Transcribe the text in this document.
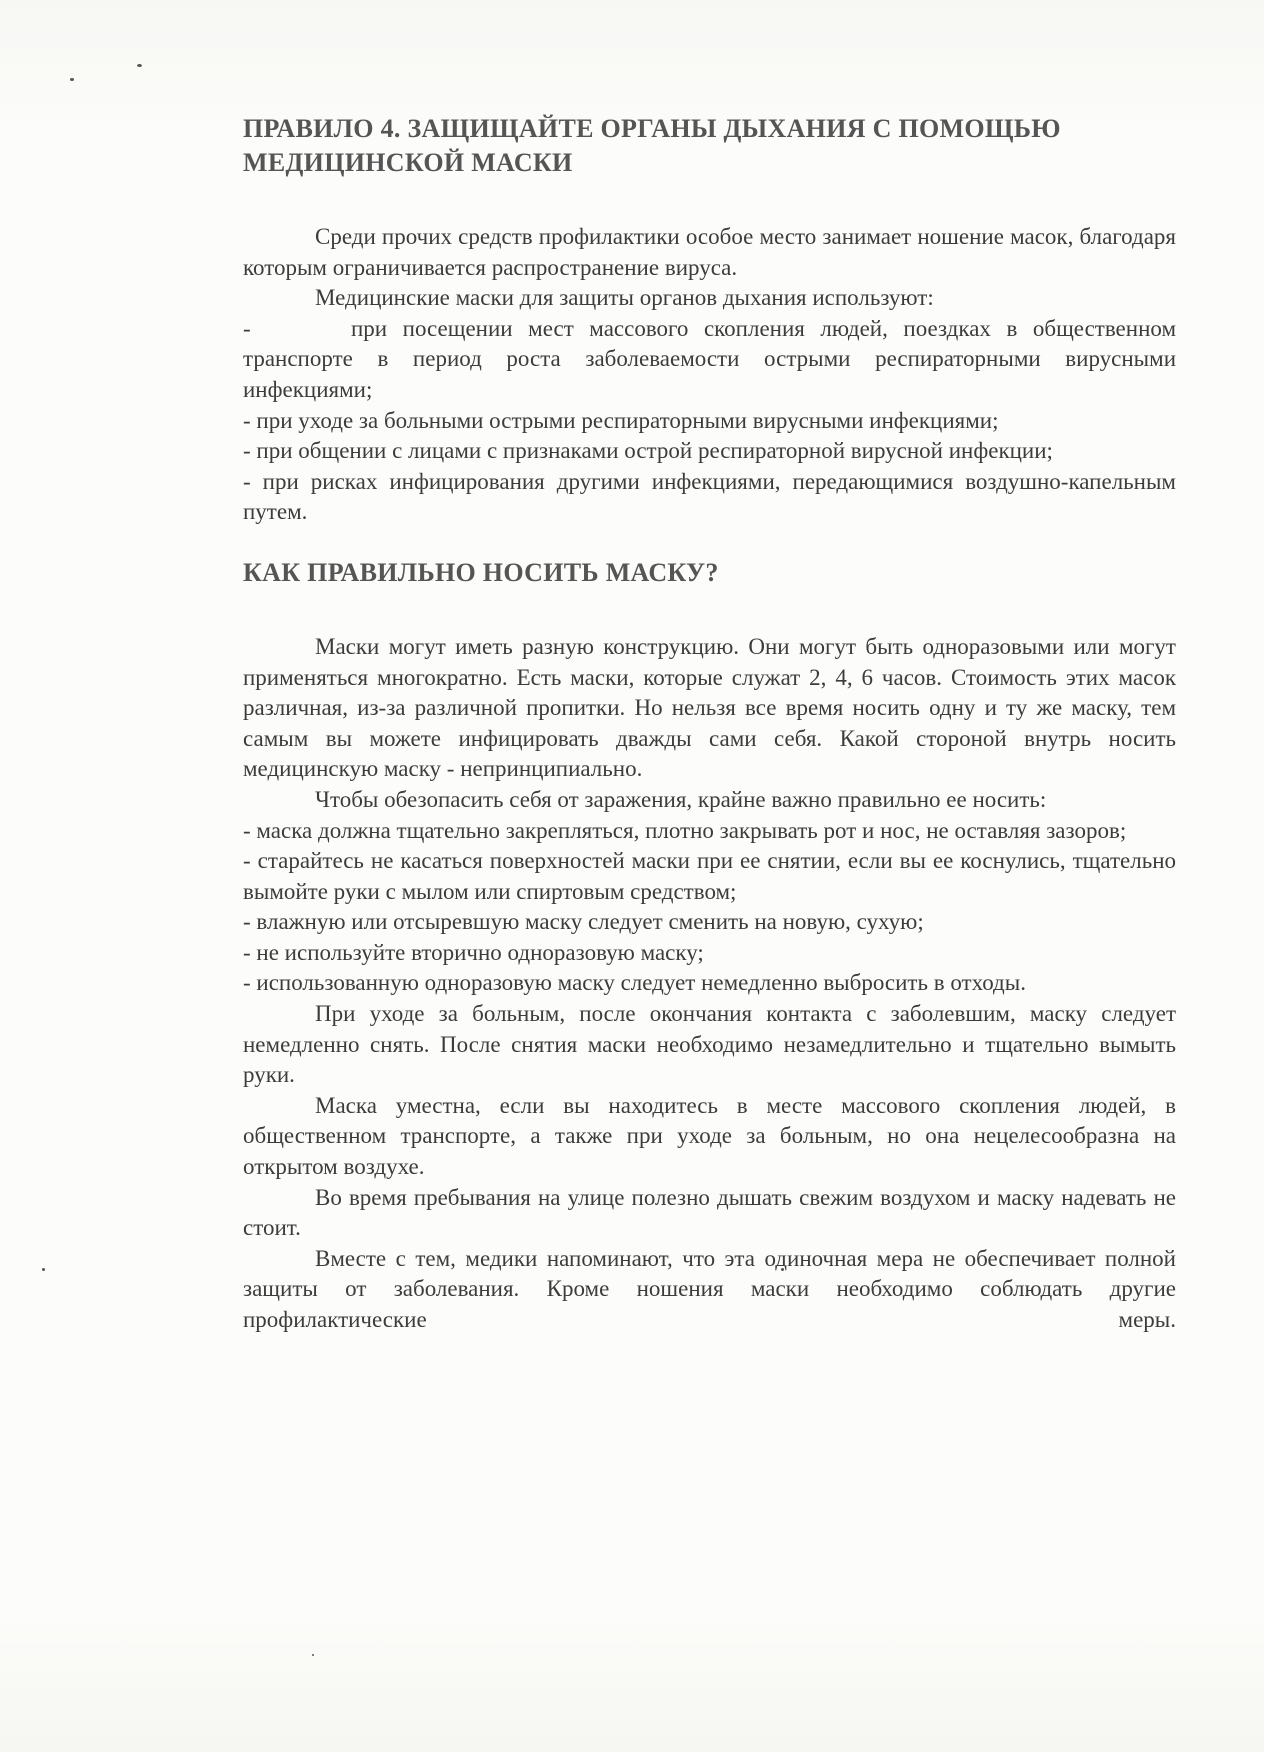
ПРАВИЛО 4. ЗАЩИЩАЙТЕ ОРГАНЫ ДЫХАНИЯ С ПОМОЩЬЮ МЕДИЦИНСКОЙ МАСКИ

Среди прочих средств профилактики особое место занимает ношение масок, благодаря которым ограничивается распространение вируса.

Медицинские маски для защиты органов дыхания используют:

-	при посещении мест массового скопления людей, поездках в общественном транспорте в период роста заболеваемости острыми респираторными вирусными инфекциями;

- при уходе за больными острыми респираторными вирусными инфекциями;

- при общении с лицами с признаками острой респираторной вирусной инфекции;

- при рисках инфицирования другими инфекциями, передающимися воздушно-капельным путем.

КАК ПРАВИЛЬНО НОСИТЬ МАСКУ?

Маски могут иметь разную конструкцию. Они могут быть одноразовыми или могут применяться многократно. Есть маски, которые служат 2, 4, 6 часов. Стоимость этих масок различная, из-за различной пропитки. Но нельзя все время носить одну и ту же маску, тем самым вы можете инфицировать дважды сами себя. Какой стороной внутрь носить медицинскую маску - непринципиально.

Чтобы обезопасить себя от заражения, крайне важно правильно ее носить:

- маска должна тщательно закрепляться, плотно закрывать рот и нос, не оставляя зазоров;

- старайтесь не касаться поверхностей маски при ее снятии, если вы ее коснулись, тщательно вымойте руки с мылом или спиртовым средством;

- влажную или отсыревшую маску следует сменить на новую, сухую;

- не используйте вторично одноразовую маску;

- использованную одноразовую маску следует немедленно выбросить в отходы.

При уходе за больным, после окончания контакта с заболевшим, маску следует немедленно снять. После снятия маски необходимо незамедлительно и тщательно вымыть руки.

Маска уместна, если вы находитесь в месте массового скопления людей, в общественном транспорте, а также при уходе за больным, но она нецелесообразна на открытом воздухе.

Во время пребывания на улице полезно дышать свежим воздухом и маску надевать не стоит.

Вместе с тем, медики напоминают, что эта одиночная мера не обеспечивает полной защиты от заболевания. Кроме ношения маски необходимо соблюдать другие профилактические меры.
